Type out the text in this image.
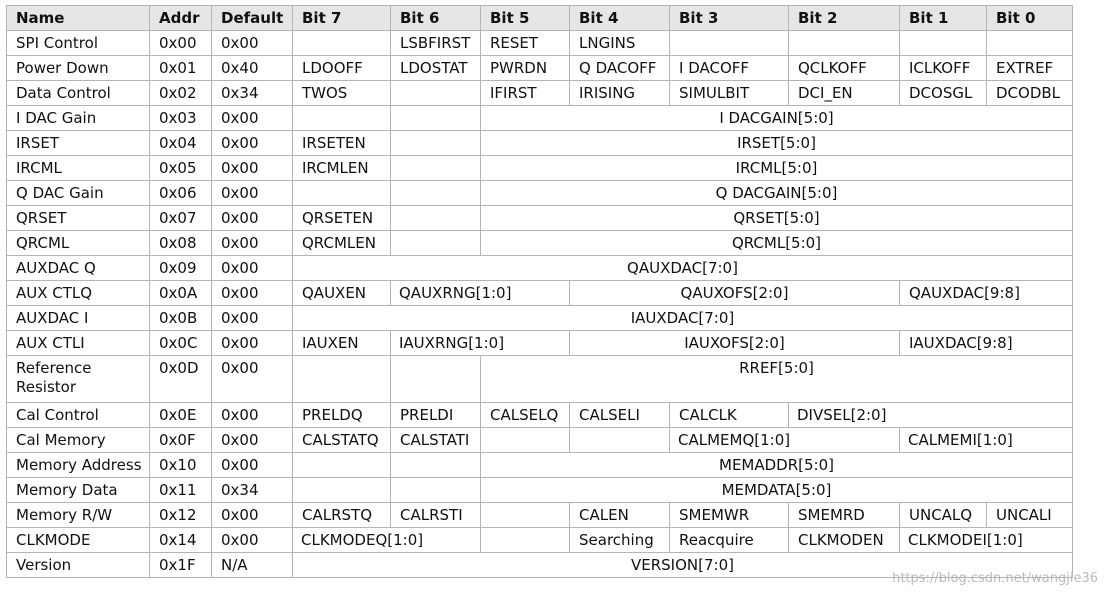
Name	Addr	Default	Bit 7	Bit 6	Bit 5	Bit 4	Bit 3	Bit 2	Bit 1	Bit 0
SPI Control	0x00	0x00		LSBFIRST	RESET	LNGINS				
Power Down	0x01	0x40	LDOOFF	LDOSTAT	PWRDN	Q DACOFF	I DACOFF	QCLKOFF	ICLKOFF	EXTREF
Data Control	0x02	0x34	TWOS		IFIRST	IRISING	SIMULBIT	DCI_EN	DCOSGL	DCODBL
I DAC Gain	0x03	0x00			I DACGAIN[5:0]					
IRSET	0x04	0x00	IRSETEN		IRSET[5:0]					
IRCML	0x05	0x00	IRCMLEN		IRCML[5:0]					
Q DAC Gain	0x06	0x00			Q DACGAIN[5:0]					
QRSET	0x07	0x00	QRSETEN		QRSET[5:0]					
QRCML	0x08	0x00	QRCMLEN		QRCML[5:0]					
AUXDAC Q	0x09	0x00	QAUXDAC[7:0]							
AUX CTLQ	0x0A	0x00	QAUXEN	QAUXRNG[1:0]		QAUXOFS[2:0]			QAUXDAC[9:8]	
AUXDAC I	0x0B	0x00	IAUXDAC[7:0]							
AUX CTLI	0x0C	0x00	IAUXEN	IAUXRNG[1:0]		IAUXOFS[2:0]			IAUXDAC[9:8]	
Reference Resistor	0x0D	0x00			RREF[5:0]					
Cal Control	0x0E	0x00	PRELDQ	PRELDI	CALSELQ	CALSELI	CALCLK	DIVSEL[2:0]		
Cal Memory	0x0F	0x00	CALSTATQ	CALSTATI			CALMEMQ[1:0]		CALMEMI[1:0]	
Memory Address	0x10	0x00			MEMADDR[5:0]					
Memory Data	0x11	0x34			MEMDATA[5:0]					
Memory R/W	0x12	0x00	CALRSTQ	CALRSTI		CALEN	SMEMWR	SMEMRD	UNCALQ	UNCALI
CLKMODE	0x14	0x00	CLKMODEQ[1:0]			Searching	Reacquire	CLKMODEN	CLKMODEI[1:0]	
Version	0x1F	N/A	VERSION[7:0]							
https://blog.csdn.net/wangjie36
